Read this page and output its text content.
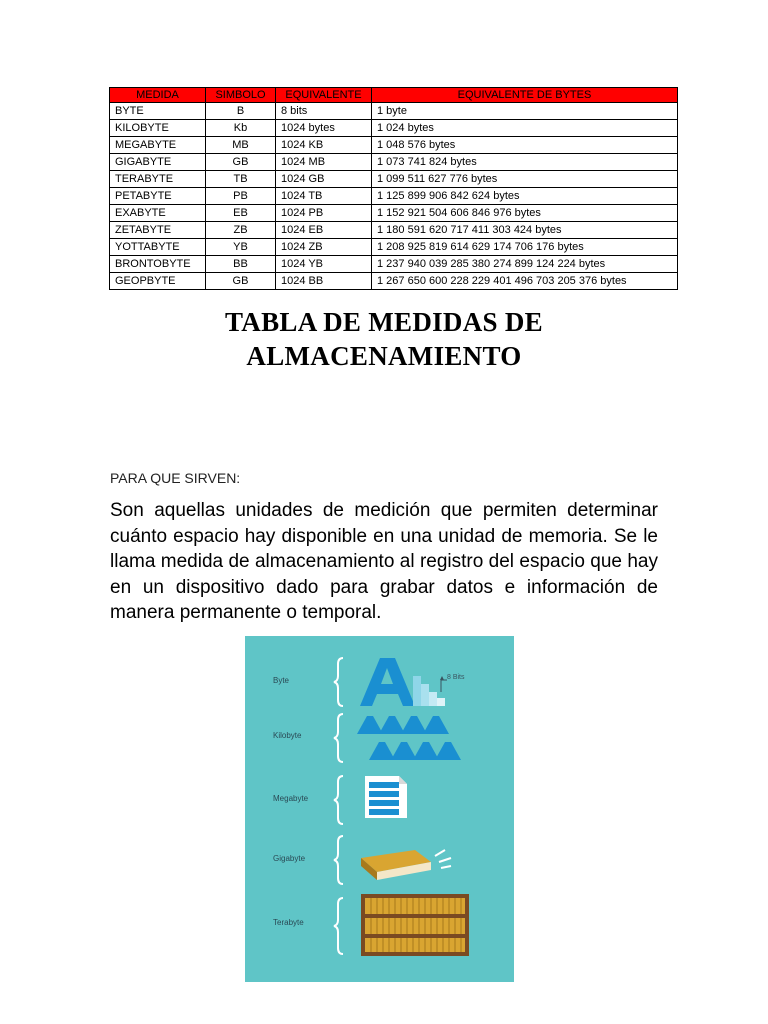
MEDIDA	SIMBOLO	EQUIVALENTE	EQUIVALENTE DE BYTES
BYTE	B	8 bits	1 byte
KILOBYTE	Kb	1024 bytes	1 024 bytes
MEGABYTE	MB	1024 KB	1 048 576 bytes
GIGABYTE	GB	1024 MB	1 073 741 824 bytes
TERABYTE	TB	1024 GB	1 099 511 627 776 bytes
PETABYTE	PB	1024 TB	1 125 899 906 842 624 bytes
EXABYTE	EB	1024 PB	1 152 921 504 606 846 976 bytes
ZETABYTE	ZB	1024 EB	1 180 591 620 717 411 303 424 bytes
YOTTABYTE	YB	1024 ZB	1 208 925 819 614 629 174 706 176 bytes
BRONTOBYTE	BB	1024 YB	1 237 940 039 285 380 274 899 124 224 bytes
GEOPBYTE	GB	1024 BB	1 267 650 600 228 229 401 496 703 205 376 bytes
TABLA DE MEDIDAS DE
ALMACENAMIENTO

PARA QUE SIRVEN:

Son aquellas unidades de medición que permiten determinar cuánto espacio hay disponible en una unidad de memoria. Se le llama medida de almacenamiento al registro del espacio que hay en un dispositivo dado para grabar datos e información de manera permanente o temporal.

Byte
Kilobyte
Megabyte
Gigabyte
Terabyte
8 Bits
